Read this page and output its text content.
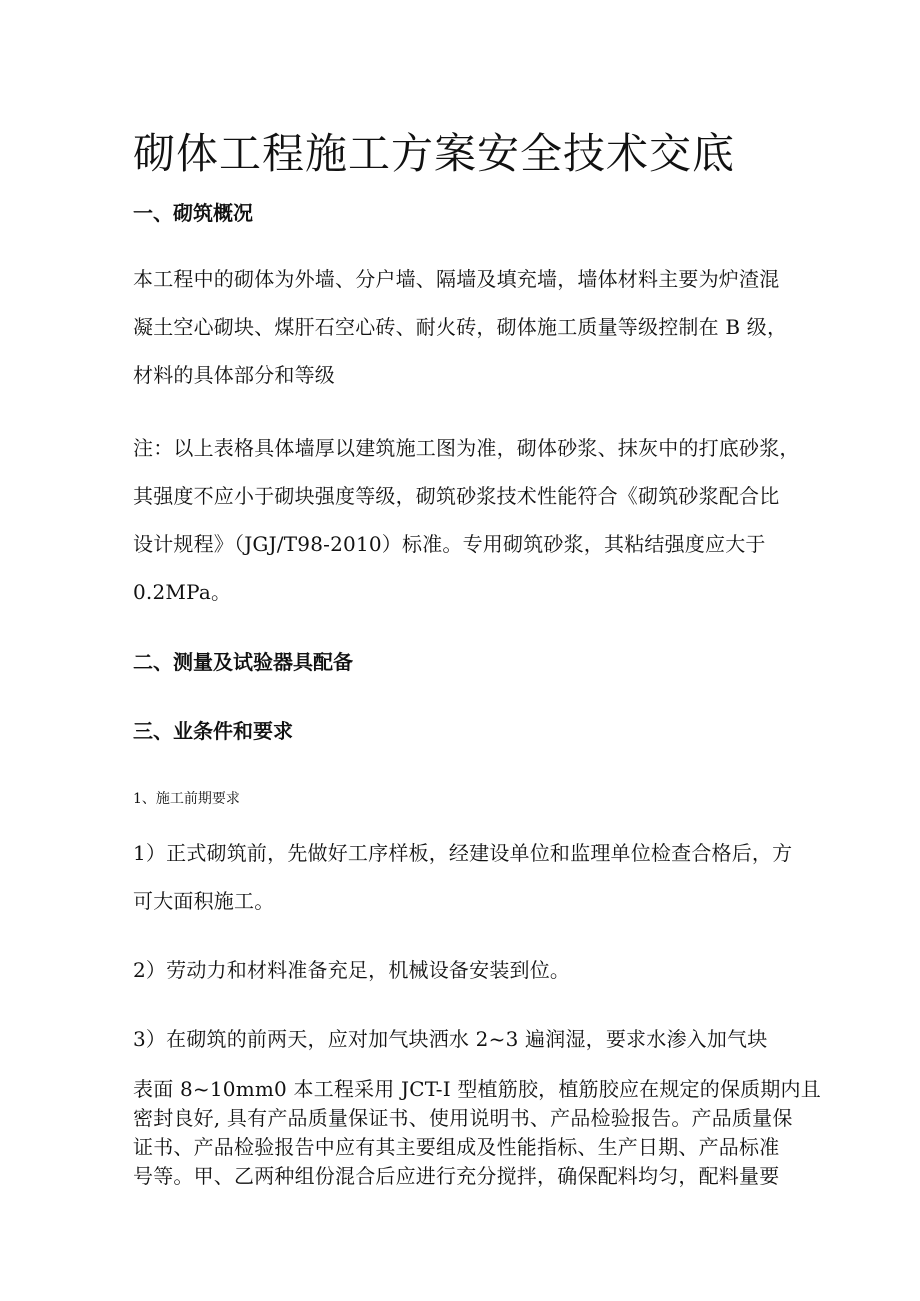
砌体工程施工方案安全技术交底
一、砌筑概况
本工程中的砌体为外墙、分户墙、隔墙及填充墙，墙体材料主要为炉渣混
凝土空心砌块、煤肝石空心砖、耐火砖，砌体施工质量等级控制在 B 级，
材料的具体部分和等级
注：以上表格具体墙厚以建筑施工图为准，砌体砂浆、抹灰中的打底砂浆，
其强度不应小于砌块强度等级，砌筑砂浆技术性能符合《砌筑砂浆配合比
设计规程》（JGJ/T98-2010）标准。专用砌筑砂浆，其粘结强度应大于
0.2MPa。
二、测量及试验器具配备
三、业条件和要求
1、施工前期要求
1）正式砌筑前，先做好工序样板，经建设单位和监理单位检查合格后，方
可大面积施工。
2）劳动力和材料准备充足，机械设备安装到位。
3）在砌筑的前两天，应对加气块洒水 2~3 遍润湿，要求水渗入加气块
表面 8~10mm0 本工程采用 JCT-I 型植筋胶，植筋胶应在规定的保质期内且
密封良好, 具有产品质量保证书、使用说明书、产品检验报告。产品质量保
证书、产品检验报告中应有其主要组成及性能指标、生产日期、产品标准
号等。甲、乙两种组份混合后应进行充分搅拌，确保配料均匀，配料量要
